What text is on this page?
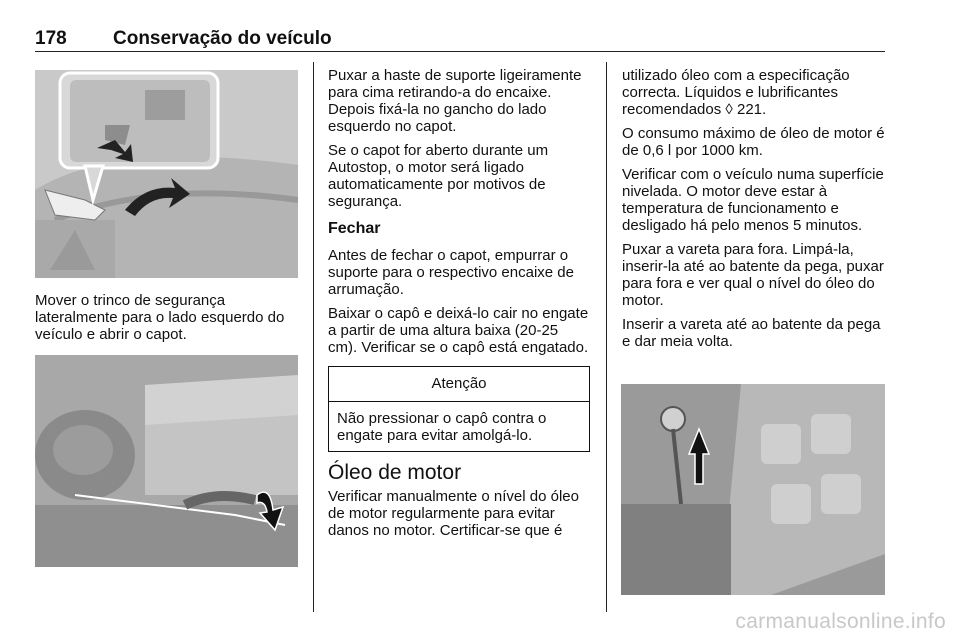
178 Conservação do veículo

Mover o trinco de segurança lateralmente para o lado esquerdo do veículo e abrir o capot.

Puxar a haste de suporte ligeiramente para cima retirando-a do encaixe. Depois fixá-la no gancho do lado esquerdo no capot.

Se o capot for aberto durante um Autostop, o motor será ligado automaticamente por motivos de segurança.

Fechar

Antes de fechar o capot, empurrar o suporte para o respectivo encaixe de arrumação.

Baixar o capô e deixá-lo cair no engate a partir de uma altura baixa (20-25 cm). Verificar se o capô está engatado.

Atenção
Não pressionar o capô contra o engate para evitar amolgá-lo.
Óleo de motor

Verificar manualmente o nível do óleo de motor regularmente para evitar danos no motor. Certificar-se que é

utilizado óleo com a especificação correcta. Líquidos e lubrificantes recomendados ◊ 221.

O consumo máximo de óleo de motor é de 0,6 l por 1000 km.

Verificar com o veículo numa superfície nivelada. O motor deve estar à temperatura de funcionamento e desligado há pelo menos 5 minutos.

Puxar a vareta para fora. Limpá-la, inserir-la até ao batente da pega, puxar para fora e ver qual o nível do óleo do motor.

Inserir a vareta até ao batente da pega e dar meia volta.

carmanualsonline.info
